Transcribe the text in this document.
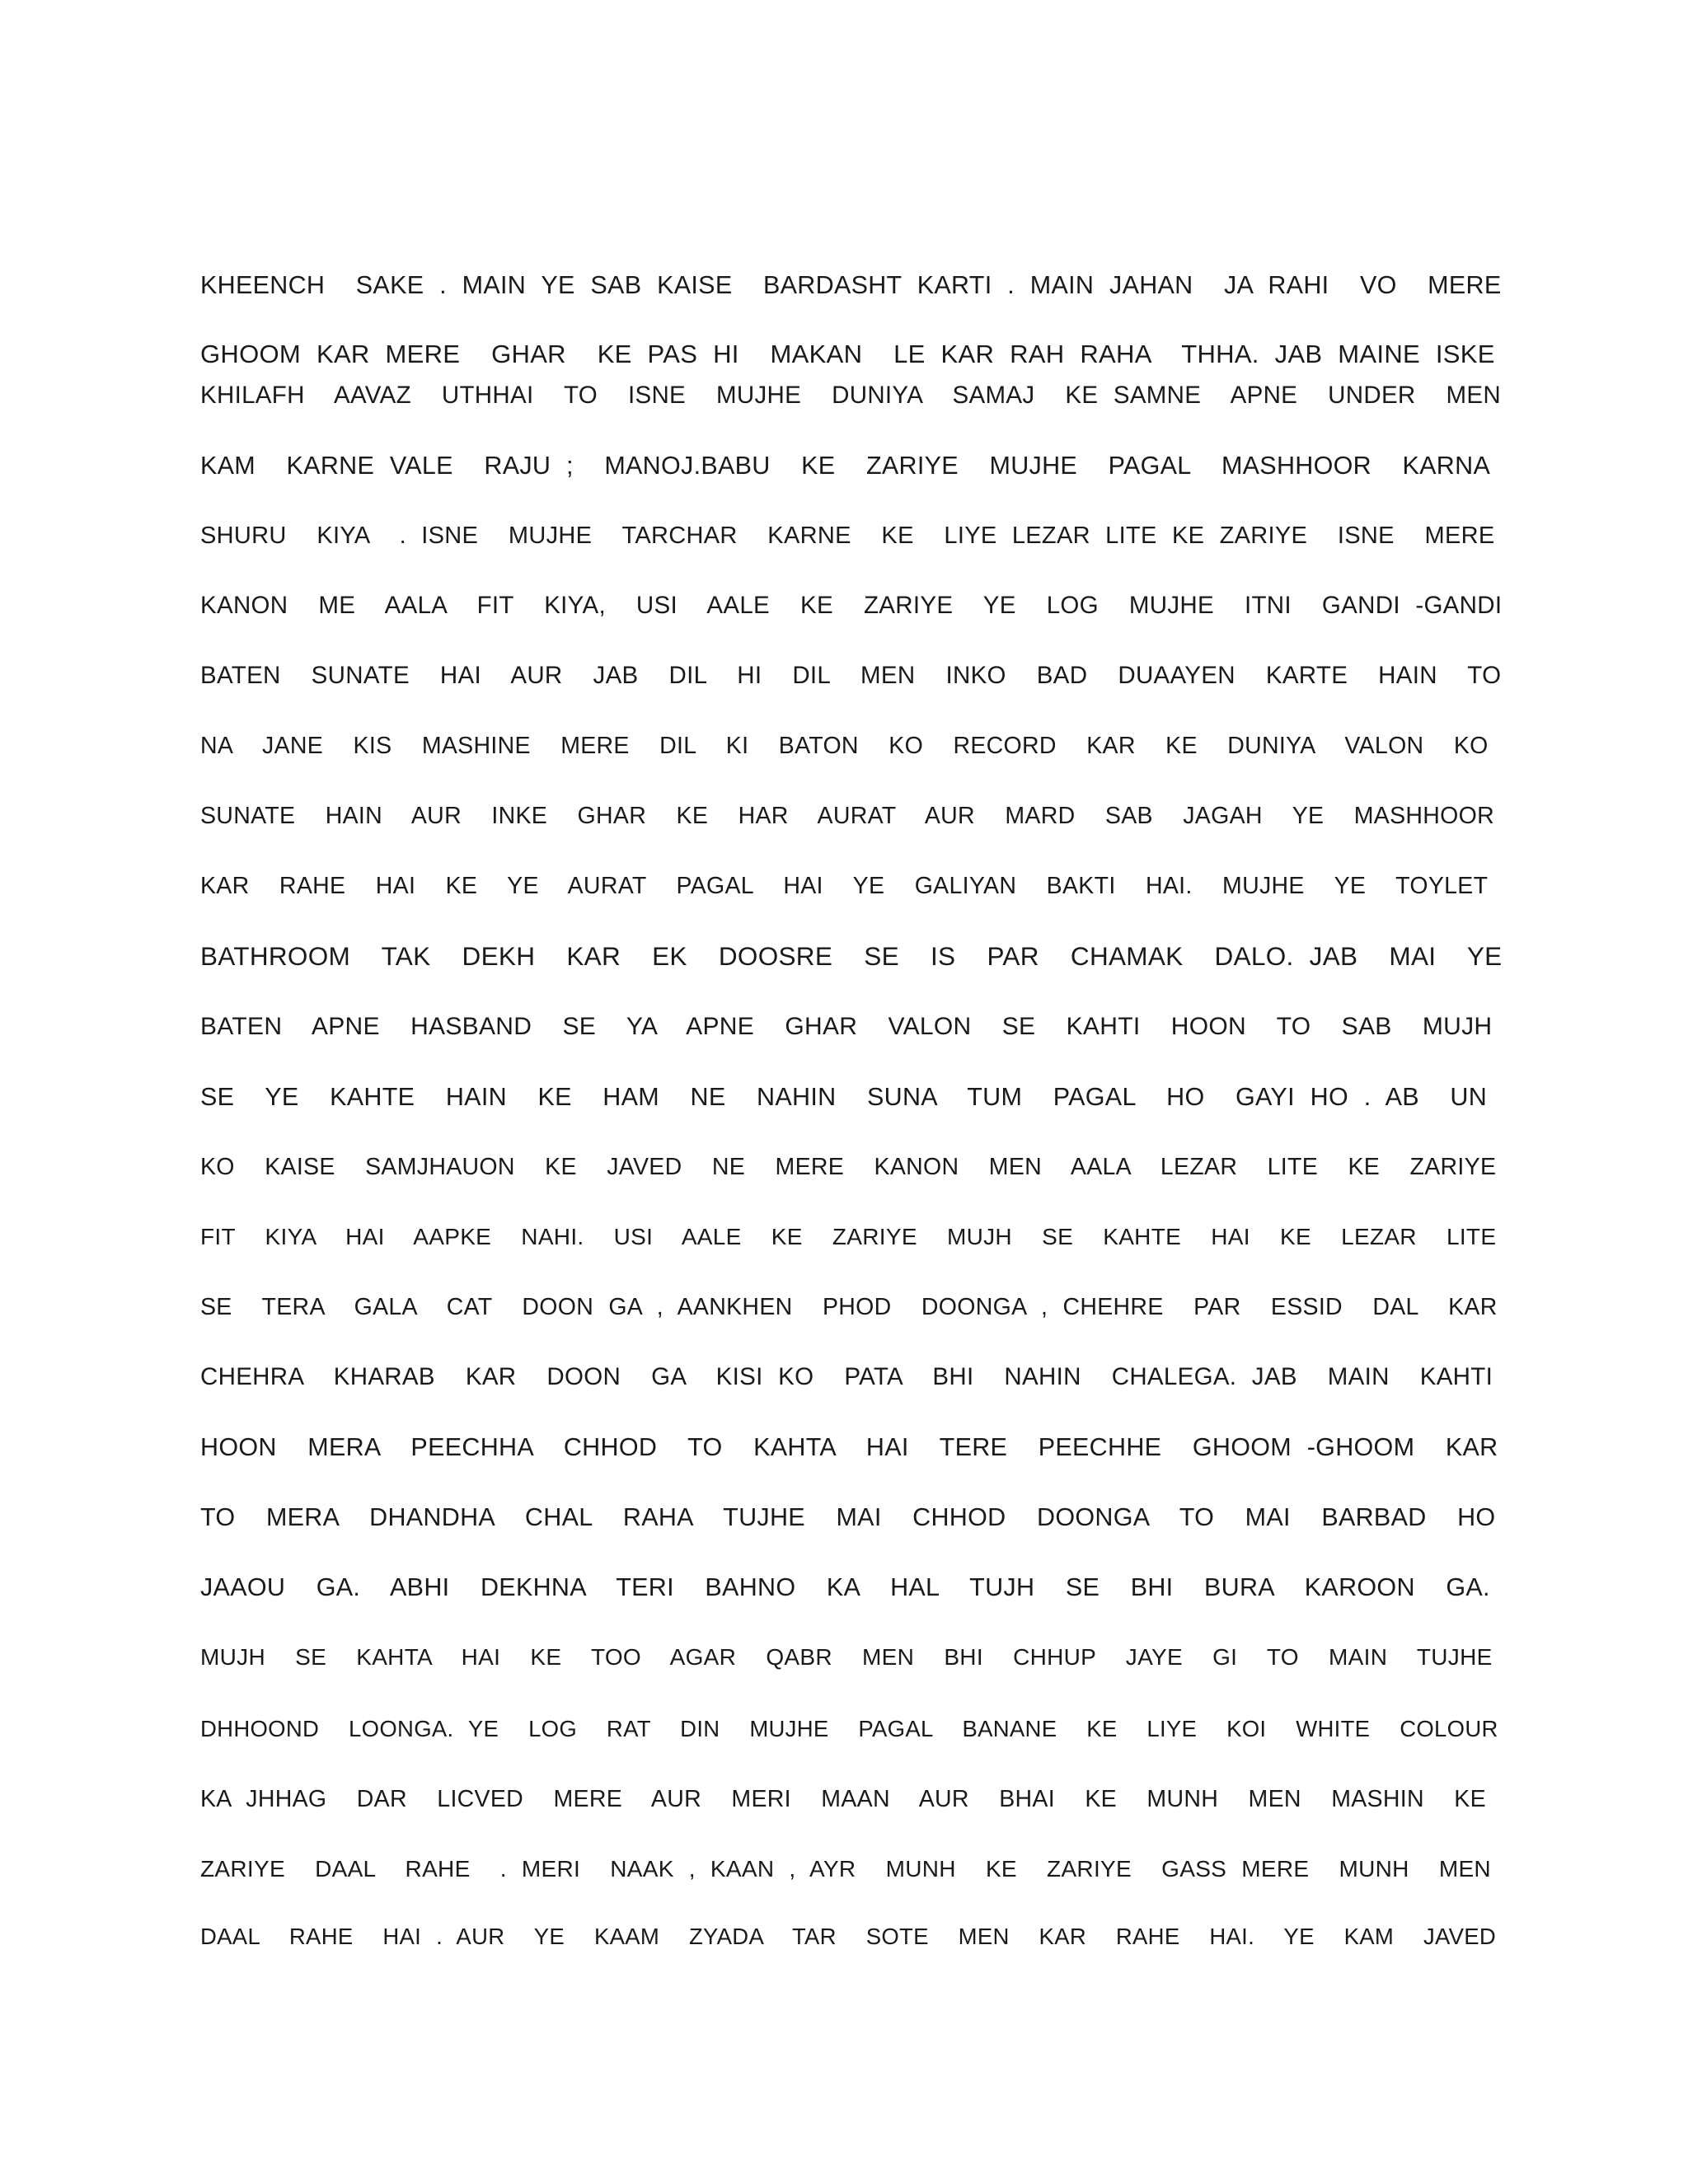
KHEENCH  SAKE . MAIN YE SAB KAISE  BARDASHT KARTI . MAIN JAHAN  JA RAHI  VO  MERE
GHOOM KAR MERE  GHAR  KE PAS HI  MAKAN  LE KAR RAH RAHA  THHA. JAB MAINE ISKE
KHILAFH  AAVAZ  UTHHAI  TO  ISNE  MUJHE  DUNIYA  SAMAJ  KE SAMNE  APNE  UNDER  MEN
KAM  KARNE VALE  RAJU ;  MANOJ.BABU  KE  ZARIYE  MUJHE  PAGAL  MASHHOOR  KARNA
SHURU  KIYA  . ISNE  MUJHE  TARCHAR  KARNE  KE  LIYE LEZAR LITE KE ZARIYE  ISNE  MERE
KANON  ME  AALA  FIT  KIYA,  USI  AALE  KE  ZARIYE  YE  LOG  MUJHE  ITNI  GANDI -GANDI
BATEN  SUNATE  HAI  AUR  JAB  DIL  HI  DIL  MEN  INKO  BAD  DUAAYEN  KARTE  HAIN  TO
NA  JANE  KIS  MASHINE  MERE  DIL  KI  BATON  KO  RECORD  KAR  KE  DUNIYA  VALON  KO
SUNATE  HAIN  AUR  INKE  GHAR  KE  HAR  AURAT  AUR  MARD  SAB  JAGAH  YE  MASHHOOR
KAR  RAHE  HAI  KE  YE  AURAT  PAGAL  HAI  YE  GALIYAN  BAKTI  HAI.  MUJHE  YE  TOYLET
BATHROOM  TAK  DEKH  KAR  EK  DOOSRE  SE  IS  PAR  CHAMAK  DALO. JAB  MAI  YE
BATEN  APNE  HASBAND  SE  YA  APNE  GHAR  VALON  SE  KAHTI  HOON  TO  SAB  MUJH
SE  YE  KAHTE  HAIN  KE  HAM  NE  NAHIN  SUNA  TUM  PAGAL  HO  GAYI HO . AB  UN
KO  KAISE  SAMJHAUON  KE  JAVED  NE  MERE  KANON  MEN  AALA  LEZAR  LITE  KE  ZARIYE
FIT  KIYA  HAI  AAPKE  NAHI.  USI  AALE  KE  ZARIYE  MUJH  SE  KAHTE  HAI  KE  LEZAR  LITE
SE  TERA  GALA  CAT  DOON GA , AANKHEN  PHOD  DOONGA , CHEHRE  PAR  ESSID  DAL  KAR
CHEHRA  KHARAB  KAR  DOON  GA  KISI KO  PATA  BHI  NAHIN  CHALEGA. JAB  MAIN  KAHTI
HOON  MERA  PEECHHA  CHHOD  TO  KAHTA  HAI  TERE  PEECHHE  GHOOM -GHOOM  KAR
TO  MERA  DHANDHA  CHAL  RAHA  TUJHE  MAI  CHHOD  DOONGA  TO  MAI  BARBAD  HO
JAAOU  GA.  ABHI  DEKHNA  TERI  BAHNO  KA  HAL  TUJH  SE  BHI  BURA  KAROON  GA.
MUJH  SE  KAHTA  HAI  KE  TOO  AGAR  QABR  MEN  BHI  CHHUP  JAYE  GI  TO  MAIN  TUJHE
DHHOOND  LOONGA. YE  LOG  RAT  DIN  MUJHE  PAGAL  BANANE  KE  LIYE  KOI  WHITE  COLOUR
KA JHHAG  DAR  LICVED  MERE  AUR  MERI  MAAN  AUR  BHAI  KE  MUNH  MEN  MASHIN  KE
ZARIYE  DAAL  RAHE  . MERI  NAAK , KAAN , AYR  MUNH  KE  ZARIYE  GASS MERE  MUNH  MEN
DAAL  RAHE  HAI . AUR  YE  KAAM  ZYADA  TAR  SOTE  MEN  KAR  RAHE  HAI.  YE  KAM  JAVED
